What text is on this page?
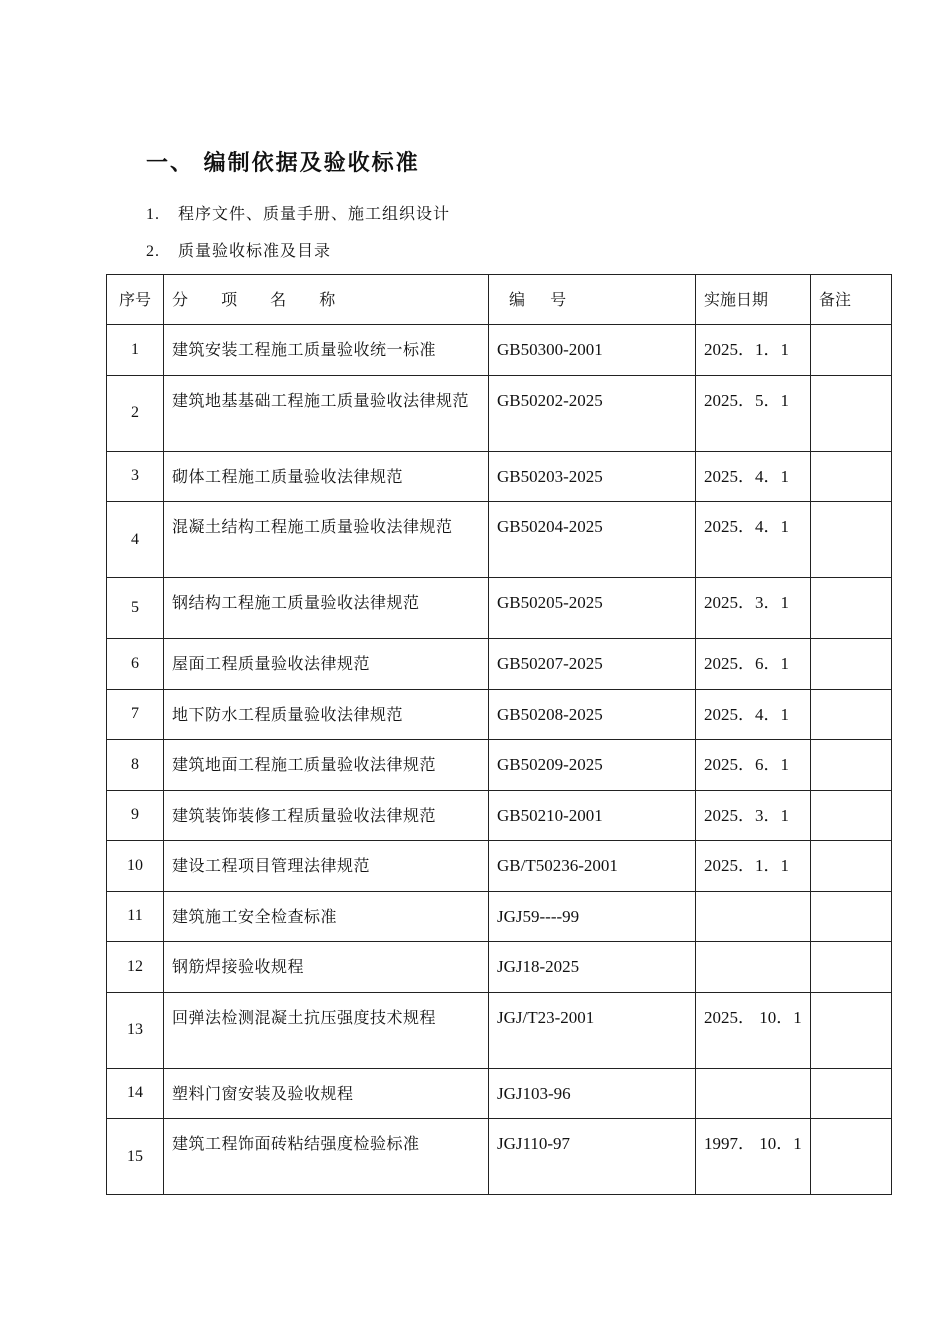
一、 编制依据及验收标准
1. 程序文件、质量手册、施工组织设计
2. 质量验收标准及目录
序号	分 项 名 称	编 号	实施日期	备注
1	建筑安装工程施工质量验收统一标准	GB50300-2001	2025．1．1	
2	建筑地基基础工程施工质量验收法律规范	GB50202-2025	2025．5．1	
3	砌体工程施工质量验收法律规范	GB50203-2025	2025．4．1	
4	混凝土结构工程施工质量验收法律规范	GB50204-2025	2025．4．1	
5	钢结构工程施工质量验收法律规范	GB50205-2025	2025．3．1	
6	屋面工程质量验收法律规范	GB50207-2025	2025．6．1	
7	地下防水工程质量验收法律规范	GB50208-2025	2025．4．1	
8	建筑地面工程施工质量验收法律规范	GB50209-2025	2025．6．1	
9	建筑装饰装修工程质量验收法律规范	GB50210-2001	2025．3．1	
10	建设工程项目管理法律规范	GB/T50236-2001	2025．1．1	
11	建筑施工安全检查标准	JGJ59----99		
12	钢筋焊接验收规程	JGJ18-2025		
13	回弹法检测混凝土抗压强度技术规程	JGJ/T23-2001	2025． 10．1	
14	塑料门窗安装及验收规程	JGJ103-96		
15	建筑工程饰面砖粘结强度检验标准	JGJ110-97	1997． 10．1	
